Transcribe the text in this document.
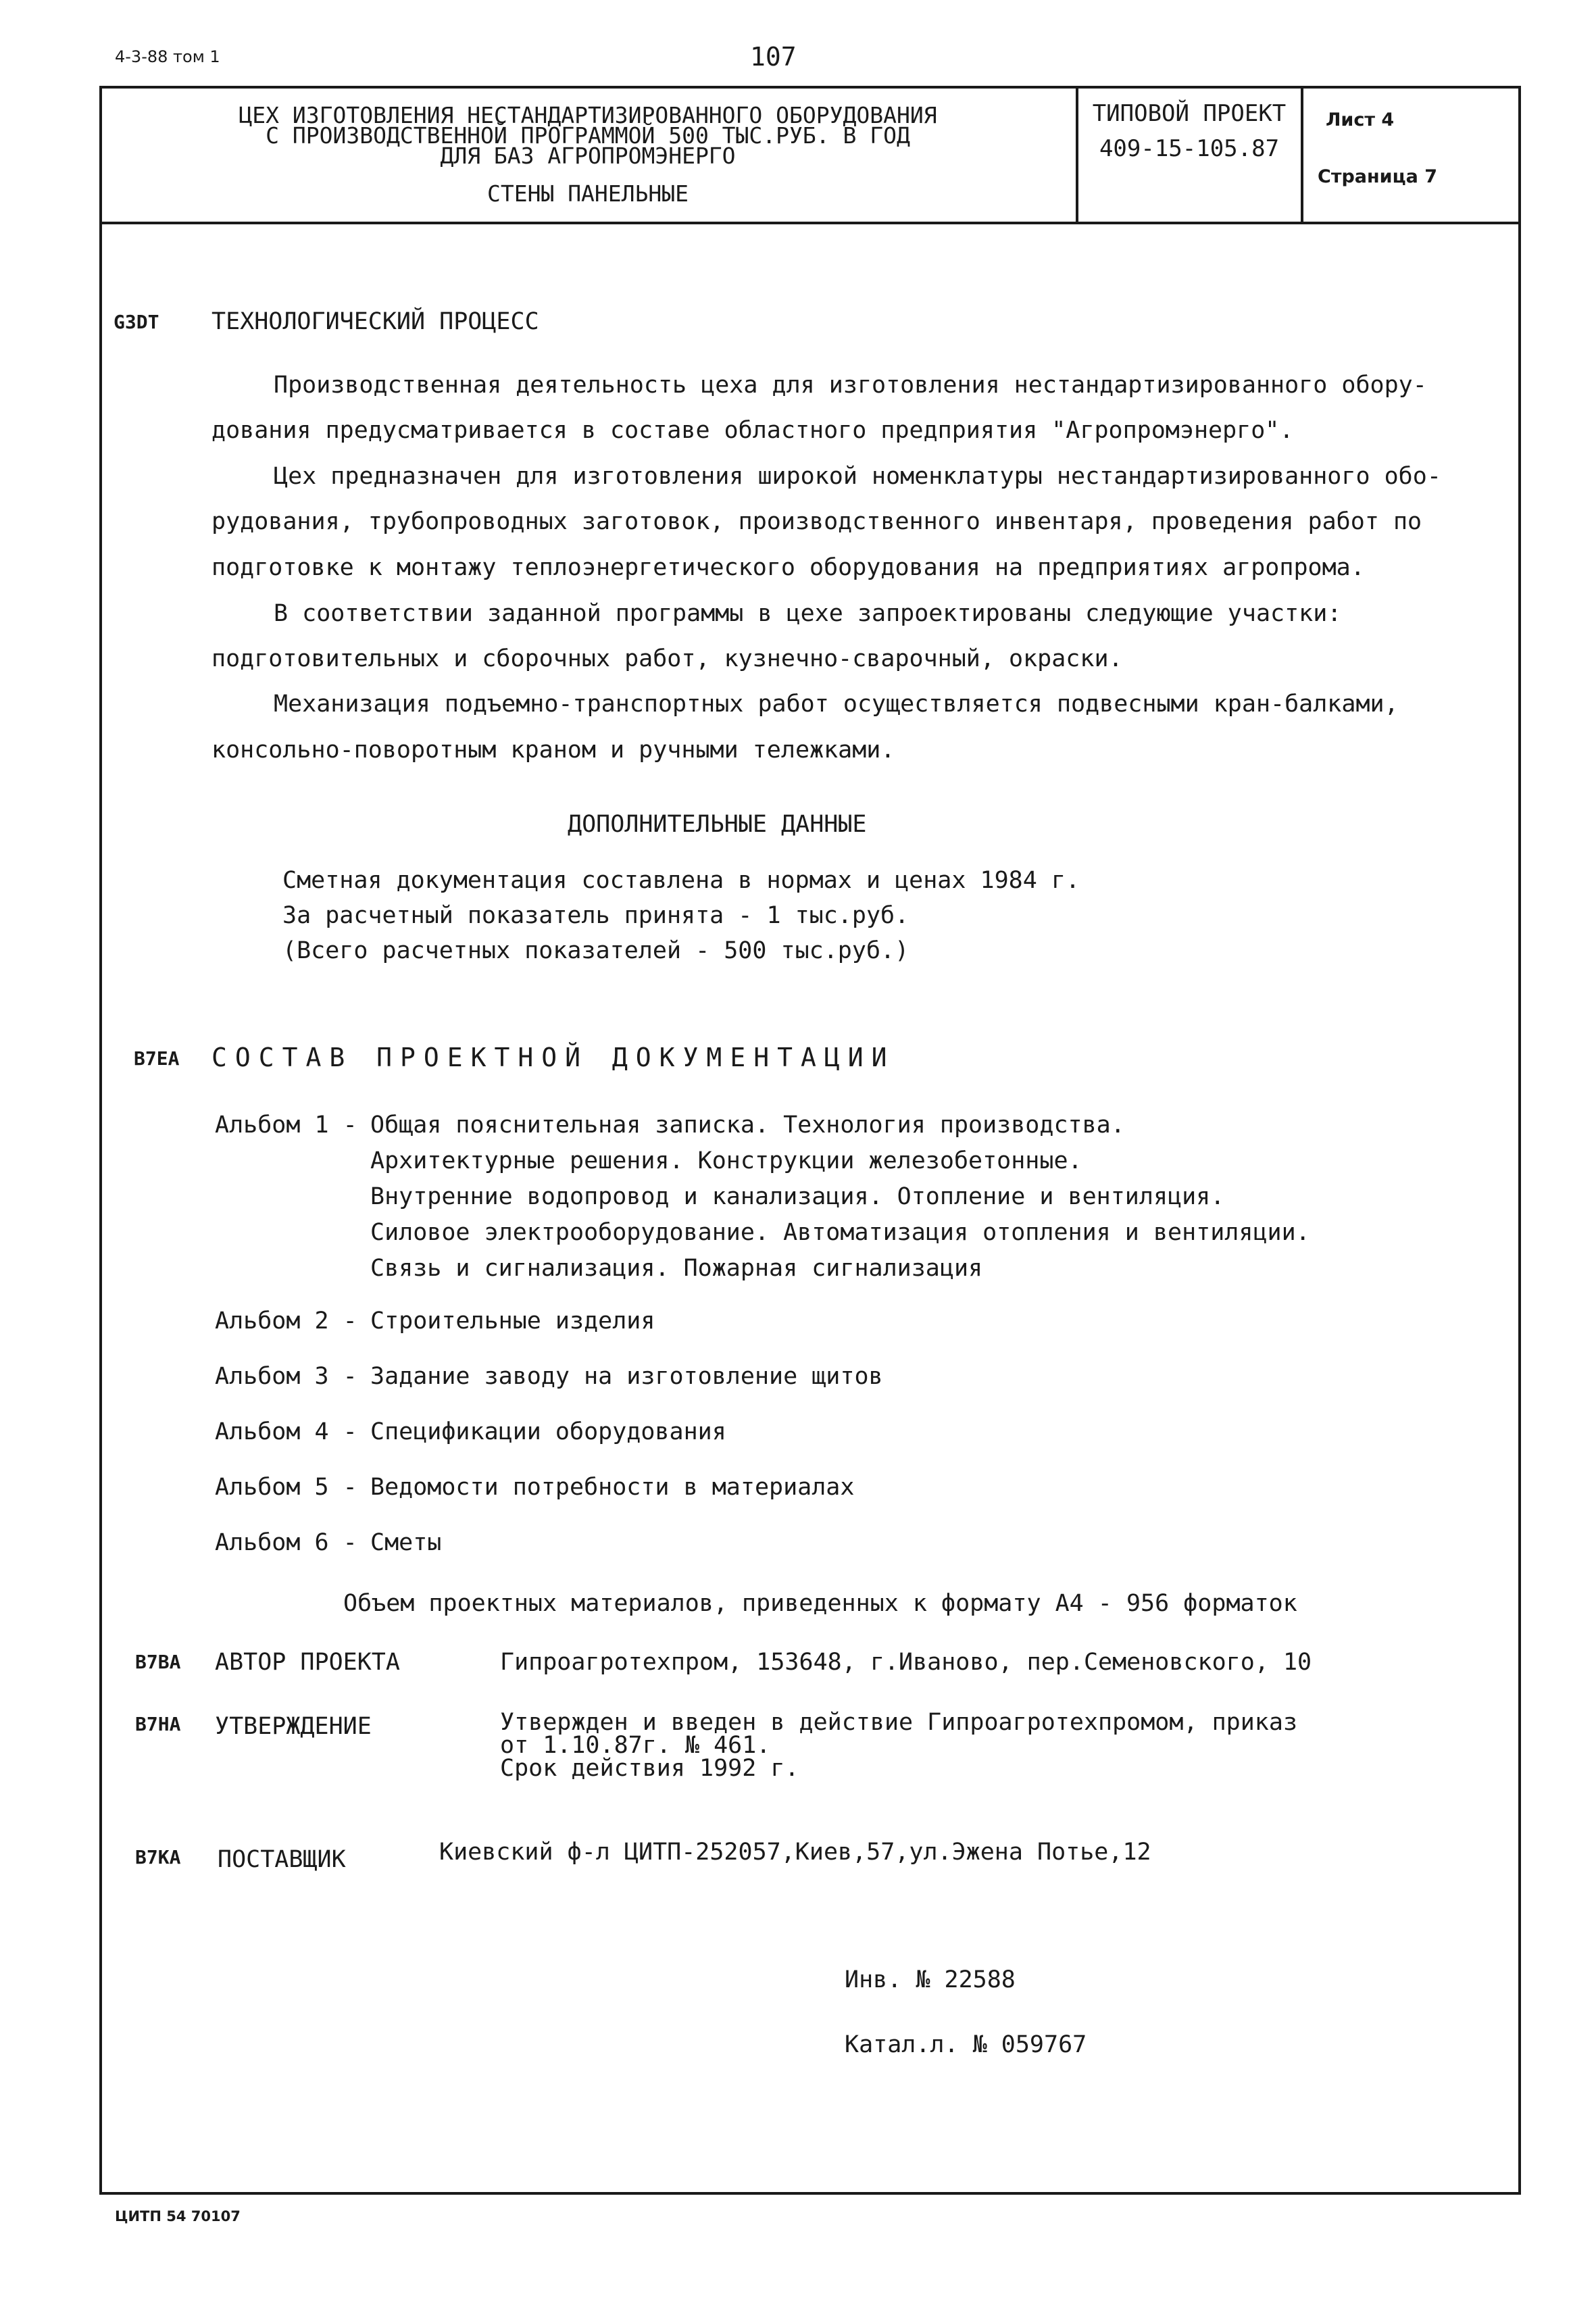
4-3-88 том 1	107
ЦЕХ ИЗГОТОВЛЕНИЯ НЕСТАНДАРТИЗИРОВАННОГО ОБОРУДОВАНИЯ
С ПРОИЗВОДСТВЕННОЙ ПРОГРАММОЙ 500 ТЫС.РУБ. В ГОД
ДЛЯ БАЗ АГРОПРОМЭНЕРГО
СТЕНЫ ПАНЕЛЬНЫЕ
ТИПОВОЙ ПРОЕКТ
409-15-105.87
Лист 4
Страница 7
G3DT ТЕХНОЛОГИЧЕСКИЙ ПРОЦЕСС
Производственная деятельность цеха для изготовления нестандартизированного обору-
дования предусматривается в составе областного предприятия "Агропромэнерго".
Цех предназначен для изготовления широкой номенклатуры нестандартизированного обо-
рудования, трубопроводных заготовок, производственного инвентаря, проведения работ по
подготовке к монтажу теплоэнергетического оборудования на предприятиях агропрома.
В соответствии заданной программы в цехе запроектированы следующие участки:
подготовительных и сборочных работ, кузнечно-сварочный, окраски.
Механизация подъемно-транспортных работ осуществляется подвесными кран-балками,
консольно-поворотным краном и ручными тележками.
ДОПОЛНИТЕЛЬНЫЕ ДАННЫЕ
Сметная документация составлена в нормах и ценах 1984 г.
За расчетный показатель принята - 1 тыс.руб.
(Всего расчетных показателей - 500 тыс.руб.)
B7EA СОСТАВ ПРОЕКТНОЙ ДОКУМЕНТАЦИИ
Альбом 1 - Общая пояснительная записка. Технология производства.
Архитектурные решения. Конструкции железобетонные.
Внутренние водопровод и канализация. Отопление и вентиляция.
Силовое электрооборудование. Автоматизация отопления и вентиляции.
Связь и сигнализация. Пожарная сигнализация
Альбом 2 - Строительные изделия
Альбом 3 - Задание заводу на изготовление щитов
Альбом 4 - Спецификации оборудования
Альбом 5 - Ведомости потребности в материалах
Альбом 6 - Сметы
Объем проектных материалов, приведенных к формату А4 - 956 форматок
B7BA АВТОР ПРОЕКТА	Гипроагротехпром, 153648, г.Иваново, пер.Семеновского, 10
B7HA УТВЕРЖДЕНИЕ	Утвержден и введен в действие Гипроагротехпромом, приказ
от 1.10.87г. № 461.
Срок действия 1992 г.
B7KA ПОСТАВЩИК	Киевский ф-л ЦИТП-252057,Киев,57,ул.Эжена Потье,12
Инв. № 22588
Катал.л. № 059767
ЦИТП 54 70107
